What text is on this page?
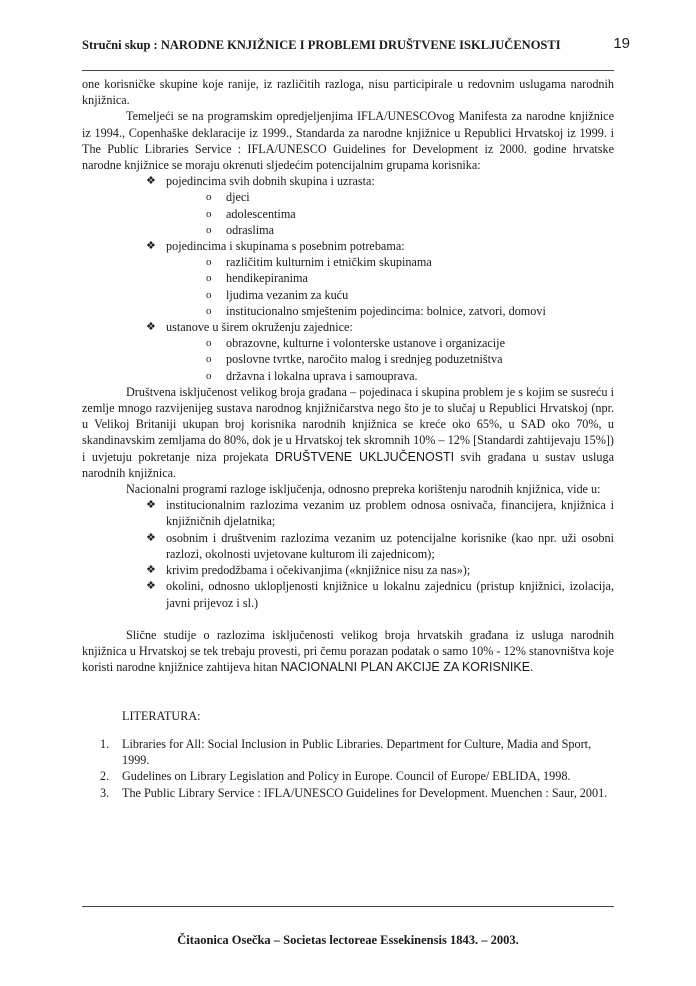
Stručni skup : NARODNE KNJIŽNICE I PROBLEMI DRUŠTVENE ISKLJUČENOSTI	19

one korisničke skupine koje ranije, iz različitih razloga, nisu participirale u redovnim uslugama narodnih knjižnica.

Temeljeći se na programskim opredjeljenjima IFLA/UNESCOvog Manifesta za narodne knjižnice iz 1994., Copenhaške deklaracije iz 1999., Standarda za narodne knjižnice u Republici Hrvatskoj iz 1999. i The Public Libraries Service : IFLA/UNESCO Guidelines for Development iz 2000. godine hrvatske narodne knjižnice se moraju okrenuti sljedećim potencijalnim grupama korisnika:

❖ pojedincima svih dobnih skupina i uzrasta:
o djeci
o adolescentima
o odraslima
❖ pojedincima i skupinama s posebnim potrebama:
o različitim kulturnim i etničkim skupinama
o hendikepiranima
o ljudima vezanim za kuću
o institucionalno smještenim pojedincima: bolnice, zatvori, domovi
❖ ustanove u širem okruženju zajednice:
o obrazovne, kulturne i volonterske ustanove i organizacije
o poslovne tvrtke, naročito malog i srednjeg poduzetništva
o državna i lokalna uprava i samouprava.

Društvena isključenost velikog broja građana – pojedinaca i skupina problem je s kojim se susreću i zemlje mnogo razvijenijeg sustava narodnog knjižničarstva nego što je to slučaj u Republici Hrvatskoj (npr. u Velikoj Britaniji ukupan broj korisnika narodnih knjižnica se kreće oko 65%, u SAD oko 70%, u skandinavskim zemljama do 80%, dok je u Hrvatskoj tek skromnih 10% – 12% [Standardi zahtijevaju 15%]) i uvjetuju pokretanje niza projekata DRUŠTVENE UKLJUČENOSTI svih građana u sustav usluga narodnih knjižnica.

Nacionalni programi razloge isključenja, odnosno prepreka korištenju narodnih knjižnica, vide u:

❖ institucionalnim razlozima vezanim uz problem odnosa osnivača, financijera, knjižnica i knjižničnih djelatnika;
❖ osobnim i društvenim razlozima vezanim uz potencijalne korisnike (kao npr. uži osobni razlozi, okolnosti uvjetovane kulturom ili zajednicom);
❖ krivim predodžbama i očekivanjima («knjižnice nisu za nas»);
❖ okolini, odnosno ukloplјenosti knjižnice u lokalnu zajednicu (pristup knjižnici, izolacija, javni prijevoz i sl.)

Slične studije o razlozima isključenosti velikog broja hrvatskih građana iz usluga narodnih knjižnica u Hrvatskoj se tek trebaju provesti, pri čemu porazan podatak o samo 10% - 12% stanovništva koje koristi narodne knjižnice zahtijeva hitan NACIONALNI PLAN AKCIJE ZA KORISNIKE.

LITERATURA:
1. Libraries for All: Social Inclusion in Public Libraries. Department for Culture, Madia and Sport, 1999.
2. Gudelines on Library Legislation and Policy in Europe. Council of Europe/ EBLIDA, 1998.
3. The Public Library Service : IFLA/UNESCO Guidelines for Development. Muenchen : Saur, 2001.
Čitaonica Osečka – Societas lectoreae Essekinensis 1843. – 2003.
